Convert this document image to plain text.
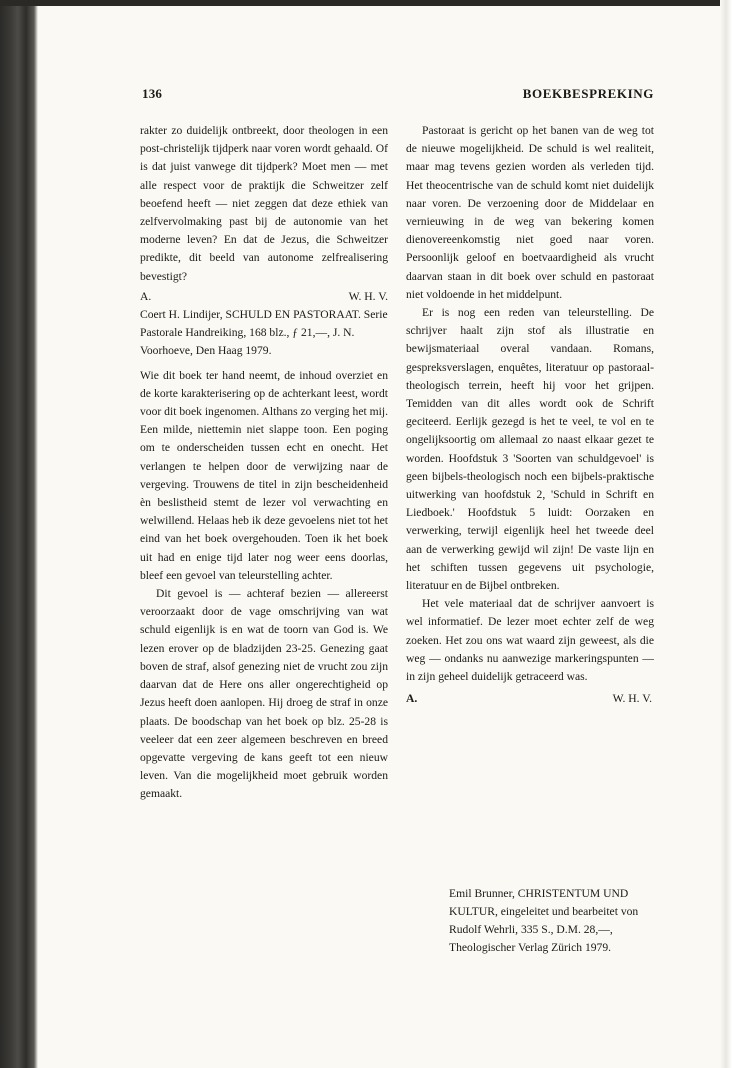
136	BOEKBESPREKING

rakter zo duidelijk ontbreekt, door theologen in een post-christelijk tijdperk naar voren wordt gehaald. Of is dat juist vanwege dit tijdperk? Moet men — met alle respect voor de praktijk die Schweitzer zelf beoefend heeft — niet zeggen dat deze ethiek van zelfvervolmaking past bij de autonomie van het moderne leven? En dat de Jezus, die Schweitzer predikte, dit beeld van autonome zelfrealisering bevestigt?

A.	W. H. V.

Coert H. Lindijer, SCHULD EN PASTORAAT. Serie Pastorale Handreiking, 168 blz., ƒ 21,—, J. N. Voorhoeve, Den Haag 1979.

Wie dit boek ter hand neemt, de inhoud overziet en de korte karakterisering op de achterkant leest, wordt voor dit boek ingenomen. Althans zo verging het mij. Een milde, niettemin niet slappe toon. Een poging om te onderscheiden tussen echt en onecht. Het verlangen te helpen door de verwijzing naar de vergeving. Trouwens de titel in zijn bescheidenheid èn beslistheid stemt de lezer vol verwachting en welwillend. Helaas heb ik deze gevoelens niet tot het eind van het boek overgehouden. Toen ik het boek uit had en enige tijd later nog weer eens doorlas, bleef een gevoel van teleurstelling achter.

Dit gevoel is — achteraf bezien — allereerst veroorzaakt door de vage omschrijving van wat schuld eigenlijk is en wat de toorn van God is. We lezen erover op de bladzijden 23-25. Genezing gaat boven de straf, alsof genezing niet de vrucht zou zijn daarvan dat de Here ons aller ongerechtigheid op Jezus heeft doen aanlopen. Hij droeg de straf in onze plaats. De boodschap van het boek op blz. 25-28 is veeleer dat een zeer algemeen beschreven en breed opgevatte vergeving de kans geeft tot een nieuw leven. Van die mogelijkheid moet gebruik worden gemaakt.

Pastoraat is gericht op het banen van de weg tot de nieuwe mogelijkheid. De schuld is wel realiteit, maar mag tevens gezien worden als verleden tijd. Het theocentrische van de schuld komt niet duidelijk naar voren. De verzoening door de Middelaar en vernieuwing in de weg van bekering komen dienovereenkomstig niet goed naar voren. Persoonlijk geloof en boetvaardigheid als vrucht daarvan staan in dit boek over schuld en pastoraat niet voldoende in het middelpunt.

Er is nog een reden van teleurstelling. De schrijver haalt zijn stof als illustratie en bewijsmateriaal overal vandaan. Romans, gespreksverslagen, enquêtes, literatuur op pastoraal-theologisch terrein, heeft hij voor het grijpen. Temidden van dit alles wordt ook de Schrift geciteerd. Eerlijk gezegd is het te veel, te vol en te ongelijksoortig om allemaal zo naast elkaar gezet te worden. Hoofdstuk 3 'Soorten van schuldgevoel' is geen bijbels-theologisch noch een bijbels-praktische uitwerking van hoofdstuk 2, 'Schuld in Schrift en Liedboek.' Hoofdstuk 5 luidt: Oorzaken en verwerking, terwijl eigenlijk heel het tweede deel aan de verwerking gewijd wil zijn! De vaste lijn en het schiften tussen gegevens uit psychologie, literatuur en de Bijbel ontbreken.

Het vele materiaal dat de schrijver aanvoert is wel informatief. De lezer moet echter zelf de weg zoeken. Het zou ons wat waard zijn geweest, als die weg — ondanks nu aanwezige markeringspunten — in zijn geheel duidelijk getraceerd was.

A.	W. H. V.

Emil Brunner, CHRISTENTUM UND KULTUR, eingeleitet und bearbeitet von Rudolf Wehrli, 335 S., D.M. 28,—, Theologischer Verlag Zürich 1979.
